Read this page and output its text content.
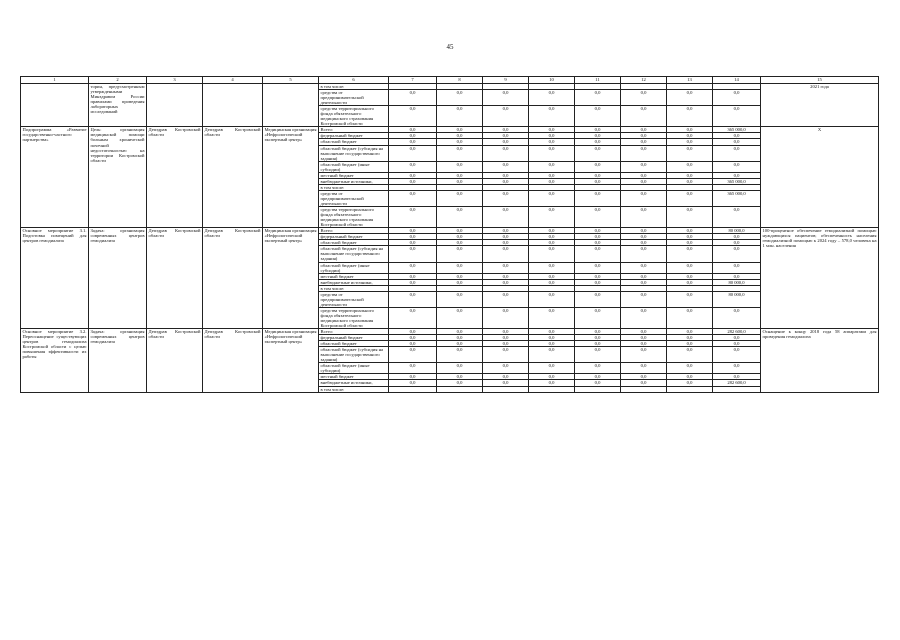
45
1	2	3	4	5	6	7	8	9	10	11	12	13	14	15
	торин, предусмотренным утвержденными Минздравом России правилами проведения лабораторных исследований				в том числе:									2021 года
					средства от предпринимательской деятельности	0,0	0,0	0,0	0,0	0,0	0,0	0,0	0,0	
					средства территориального фонда обязательного медицинского страхования Костромской области	0,0	0,0	0,0	0,0	0,0	0,0	0,0	0,0	
Подпрограмма «Развитие государственно-частного партнерства»	Цель: организация медицинской помощи больным хронической почечной недостаточностью на территории Костромской области	Депздрав Костромской области	Депздрав Костромской области	Медицинская организация «Нефрологический экспертный центр»	Всего:	0,0	0,0	0,0	0,0	0,0	0,0	0,0	365 000,0	Х
					федеральный бюджет	0,0	0,0	0,0	0,0	0,0	0,0	0,0	0,0	
					областной бюджет	0,0	0,0	0,0	0,0	0,0	0,0	0,0	0,0	
					областной бюджет (субсидия на выполнение государственного задания)	0,0	0,0	0,0	0,0	0,0	0,0	0,0	0,0	
					областной бюджет (иные субсидии)	0,0	0,0	0,0	0,0	0,0	0,0	0,0	0,0	
					местный бюджет	0,0	0,0	0,0	0,0	0,0	0,0	0,0	0,0	
					внебюджетные источники,	0,0	0,0	0,0	0,0	0,0	0,0	0,0	365 000,0	
					в том числе:									
					средства от предпринимательской деятельности	0,0	0,0	0,0	0,0	0,0	0,0	0,0	365 000,0	
					средства территориального фонда обязательного медицинского страхования Костромской области	0,0	0,0	0,0	0,0	0,0	0,0	0,0	0,0	
Основное мероприятие 3.1. Подготовка помещений для центров гемодиализа	Задача: организация современных центров гемодиализа	Депздрав Костромской области	Депздрав Костромской области	Медицинская организация «Нефрологический экспертный центр»	Всего:	0,0	0,0	0,0	0,0	0,0	0,0	0,0	80 000,0	100-процентное обеспечение гемодиализной помощью нуждающихся пациентов; обеспеченность населения гемодиализной помощью к 2024 году – 578,0 человека на 1 млн. населения
					федеральный бюджет	0,0	0,0	0,0	0,0	0,0	0,0	0,0	0,0	
					областной бюджет	0,0	0,0	0,0	0,0	0,0	0,0	0,0	0,0	
					областной бюджет (субсидия на выполнение государственного задания)	0,0	0,0	0,0	0,0	0,0	0,0	0,0	0,0	
					областной бюджет (иные субсидии)	0,0	0,0	0,0	0,0	0,0	0,0	0,0	0,0	
					местный бюджет	0,0	0,0	0,0	0,0	0,0	0,0	0,0	0,0	
					внебюджетные источники,	0,0	0,0	0,0	0,0	0,0	0,0	0,0	80 000,0	
					в том числе:									
					средства от предпринимательской деятельности	0,0	0,0	0,0	0,0	0,0	0,0	0,0	80 000,0	
					средства территориального фонда обязательного медицинского страхования Костромской области	0,0	0,0	0,0	0,0	0,0	0,0	0,0	0,0	
Основное мероприятие 3.2. Переоснащение существующих центров гемодиализа Костромской области с целью повышения эффективности их работы	Задача: организация современных центров гемодиализа	Депздрав Костромской области	Депздрав Костромской области	Медицинская организация «Нефрологический экспертный центр»	Всего:	0,0	0,0	0,0	0,0	0,0	0,0	0,0	282 600,0	Оснащение к концу 2018 года 58 аппаратами для проведения гемодиализа
					федеральный бюджет	0,0	0,0	0,0	0,0	0,0	0,0	0,0	0,0	
					областной бюджет	0,0	0,0	0,0	0,0	0,0	0,0	0,0	0,0	
					областной бюджет (субсидия на выполнение государственного задания)	0,0	0,0	0,0	0,0	0,0	0,0	0,0	0,0	
					областной бюджет (иные субсидии)	0,0	0,0	0,0	0,0	0,0	0,0	0,0	0,0	
					местный бюджет	0,0	0,0	0,0	0,0	0,0	0,0	0,0	0,0	
					внебюджетные источники,	0,0	0,0	0,0	0,0	0,0	0,0	0,0	282 600,0	
					в том числе:									
